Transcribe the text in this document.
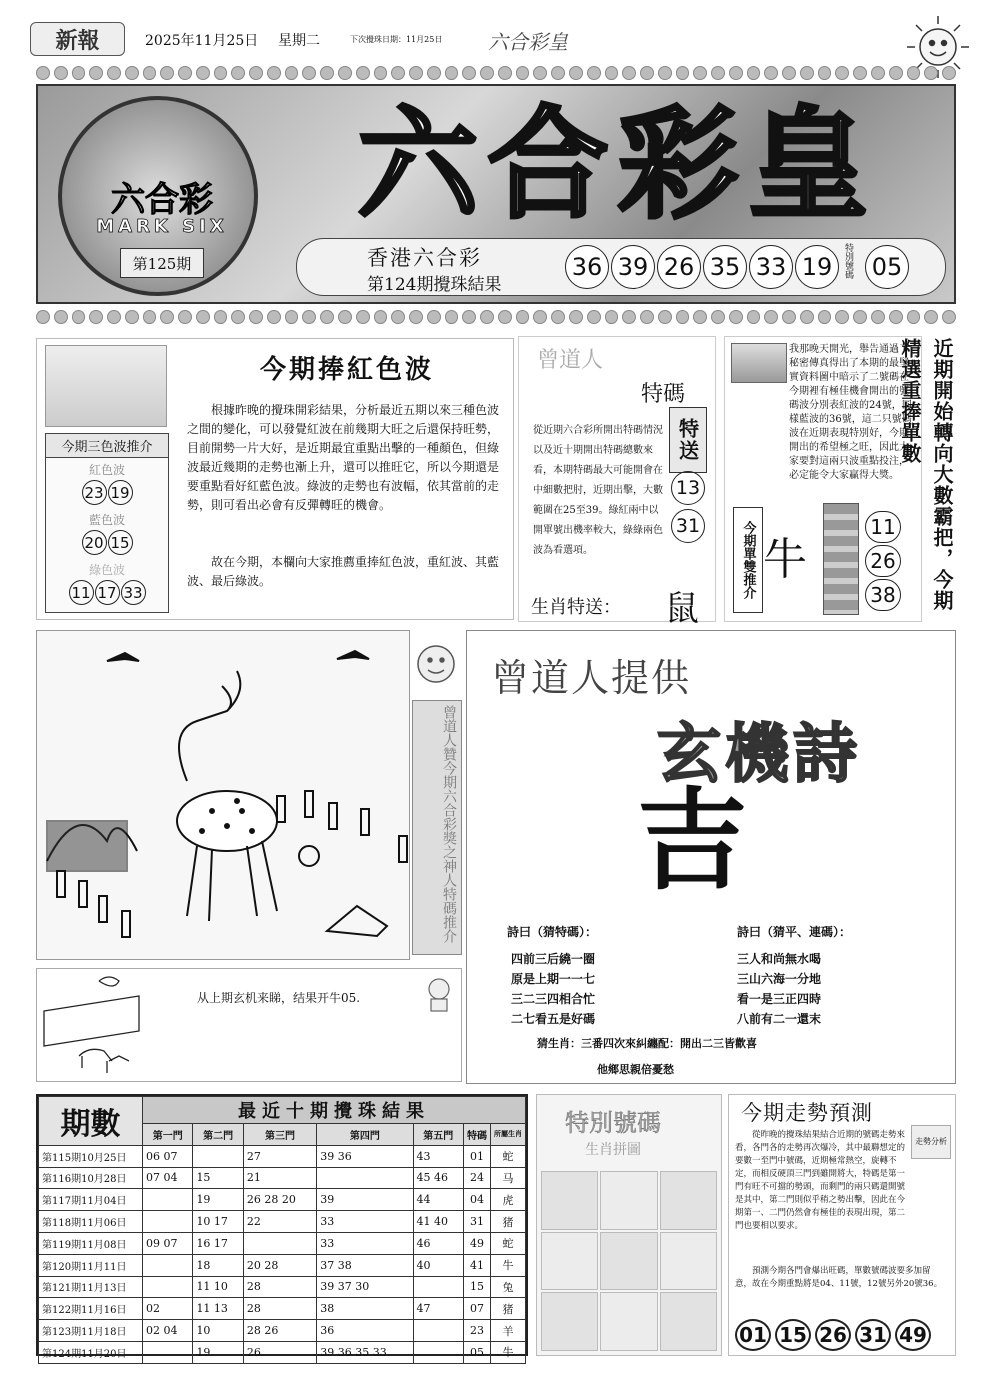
新報	2025年11月25日 星期二	下次攪珠日期：11月25日 六合彩皇
六合彩
MARK SIX
第125期
六合彩皇
香港六合彩
第124期攪珠結果
36 39 26 35 33 19	特別號碼 05
今期捧紅色波
根據昨晚的攪珠開彩結果，分析最近五期以來三種色波之間的變化，可以發覺紅波在前幾期大旺之后還保持旺勢，目前開勢一片大好，是近期最宜重點出擊的一種顏色，但綠波最近幾期的走勢也漸上升，還可以推旺它，所以今期還是要重點看好紅藍色波。綠波的走勢也有波幅，依其當前的走勢，則可看出必會有反彈轉旺的機會。
故在今期，本欄向大家推薦重捧紅色波，重紅波、其藍波、最后綠波。
今期三色波推介
紅色波
23 19
藍色波
20 15
綠色波
11 17 33
曾道人
特碼
從近期六合彩所開出特碼情況以及近十期開出特碼總數來看，本期特碼最大可能開會在中細數把肘，近期出擊，大數範圍在25至39。綠紅兩中以開單號出機率較大，綠綠兩色波為看選項。
特送
13
31
生肖特送： 鼠
我那晚天開光，舉告通過了秘密傳真得出了本期的最堅實資料圖中暗示了二號碼在今期裡有極佳機會開出的號碼波分別表紅波的24號，同樣藍波的36號，這二只號碼波在近期表現特別好，今期開出的希望極之旺，因此大家要對這兩只波重點投注，必定能令大家贏得大獎。
今期單雙推介 牛
11
26
38	近期開始轉向大數霸把，今期精選重捧單數
曾道人贊今期六合彩獎之神人特碼推介
曾道人提供
玄機詩
吉
詩曰（猜特碼）：
四前三后繞一圈
原是上期一一七
三二三四相合忙
二七看五是好碼
詩曰（猜平、連碼）：
三人和尚無水喝
三山六海一分地
看一是三正四時
八前有二一還末
猜生肖：三番四次來糾纏配：開出二三皆歡喜
他鄉思親倍憂愁
从上期玄机来睇，结果开牛05.
期數	最近十期攪珠結果						
	第一門	第二門	第三門	第四門	第五門	特碼	所屬生肖
第115期10月25日	06 07		27	39 36	43	01	蛇
第116期10月28日	07 04	15	21		45 46	24	马
第117期11月04日		19	26 28 20	39	44	04	虎
第118期11月06日		10 17	22	33	41 40	31	猪
第119期11月08日	09 07	16 17		33	46	49	蛇
第120期11月11日		18	20 28	37 38	40	41	牛
第121期11月13日		11 10	28	39 37 30		15	兔
第122期11月16日	02	11 13	28	38	47	07	猪
第123期11月18日	02 04	10	28 26	36		23	羊
第124期11月20日		19	26	39 36 35 33		05	牛
特別號碼
生肖拼圖
今期走勢預測
走勢分析
從昨晚的攪珠結果結合近期的號碼走勢來看，各門各的走勢再次爆冷，其中最聯想定的要數一至門中號碼，近期極常熱空，旋轉不定，而相反硬頂三門到雖開將大，特碼是第一門有旺不可擋的勢頭，而剩門的兩只碼還開號是其中，第二門則似乎稍之勢出擊，因此在今期第一、二門仍然會有極佳的表現出現，第二門也要相以要求。
預測今期各門會爆出旺碼，單數號碼波要多加留意，故在今期重點將是04、11號，12號另外20號36。
01 15 26 31 49
